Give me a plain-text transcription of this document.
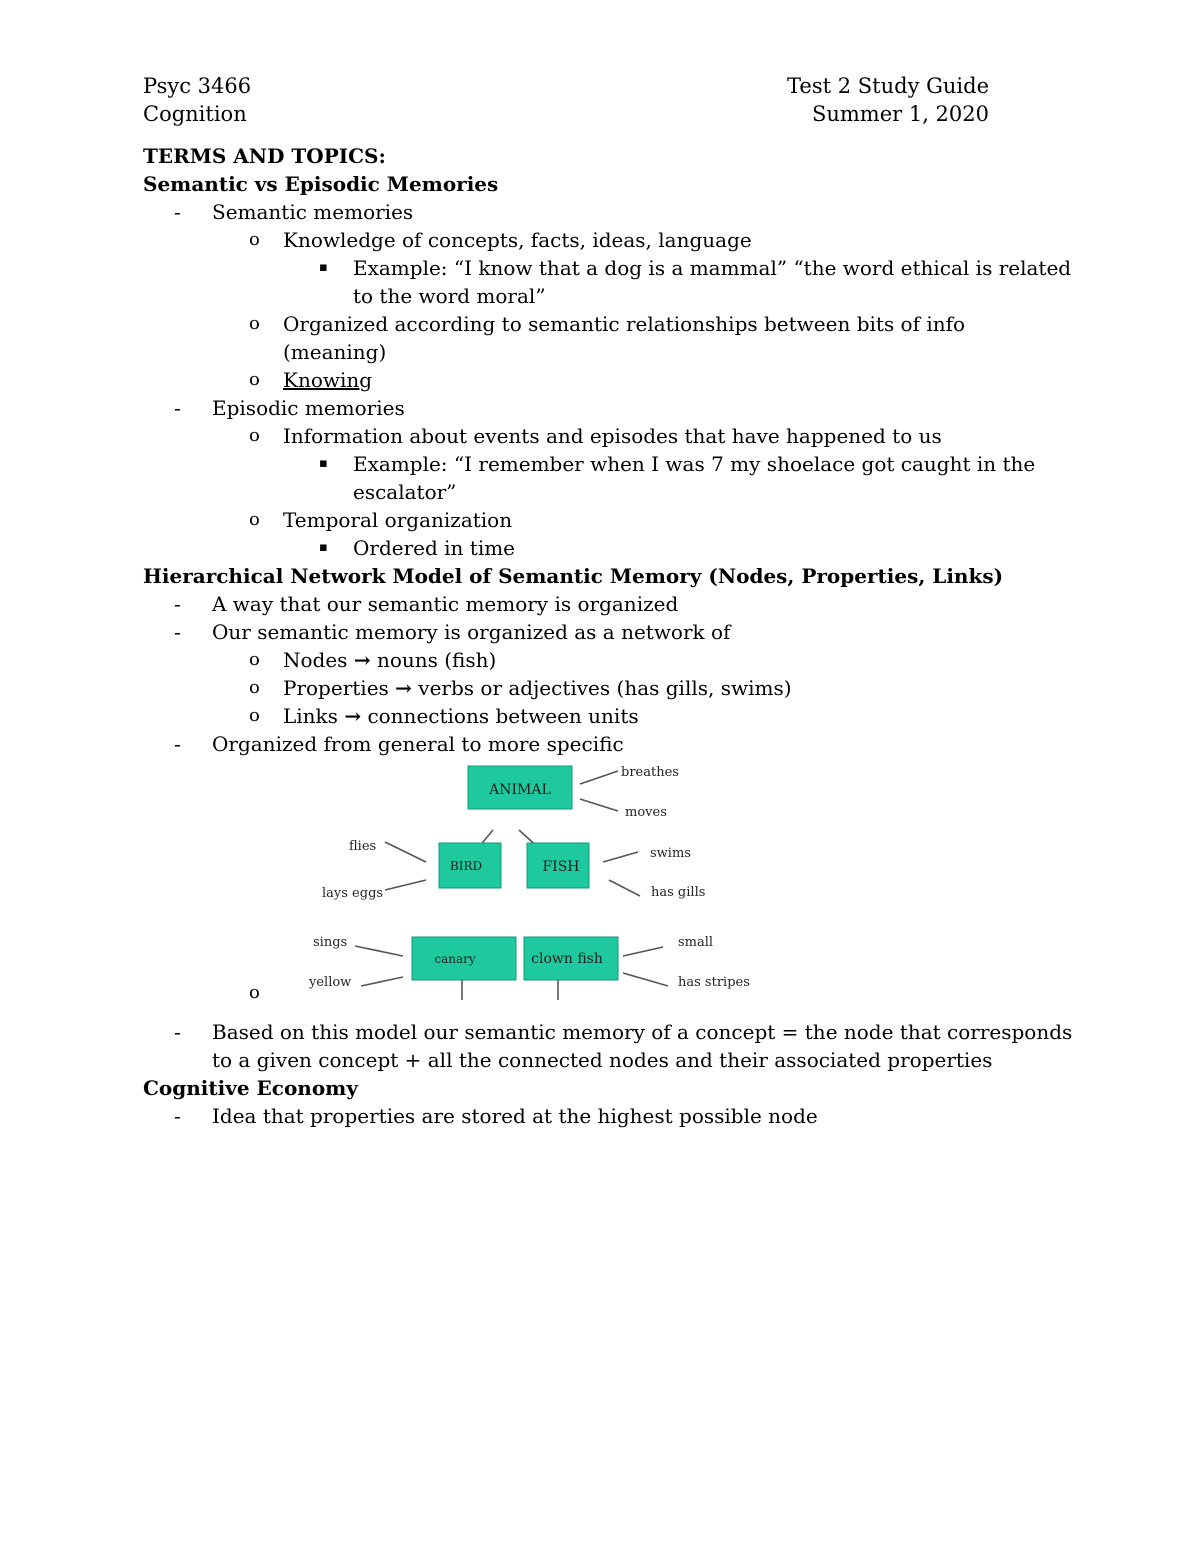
Psyc 3466	Test 2 Study Guide
Cognition	Summer 1, 2020
TERMS AND TOPICS:
Semantic vs Episodic Memories
- Semantic memories
o Knowledge of concepts, facts, ideas, language
▪ Example: “I know that a dog is a mammal” “the word ethical is related
to the word moral”
o Organized according to semantic relationships between bits of info
(meaning)
o Knowing
- Episodic memories
o Information about events and episodes that have happened to us
▪ Example: “I remember when I was 7 my shoelace got caught in the
escalator”
o Temporal organization
▪ Ordered in time
Hierarchical Network Model of Semantic Memory (Nodes, Properties, Links)
- A way that our semantic memory is organized
- Our semantic memory is organized as a network of
o Nodes → nouns (fish)
o Properties → verbs or adjectives (has gills, swims)
o Links → connections between units
- Organized from general to more specific
ANIMAL
BIRD	FISH
canary	clown fish
breathes
moves
flies
lays eggs
swims
has gills
sings
yellow
small
has stripes
o
- Based on this model our semantic memory of a concept = the node that corresponds
to a given concept + all the connected nodes and their associated properties
Cognitive Economy
- Idea that properties are stored at the highest possible node
